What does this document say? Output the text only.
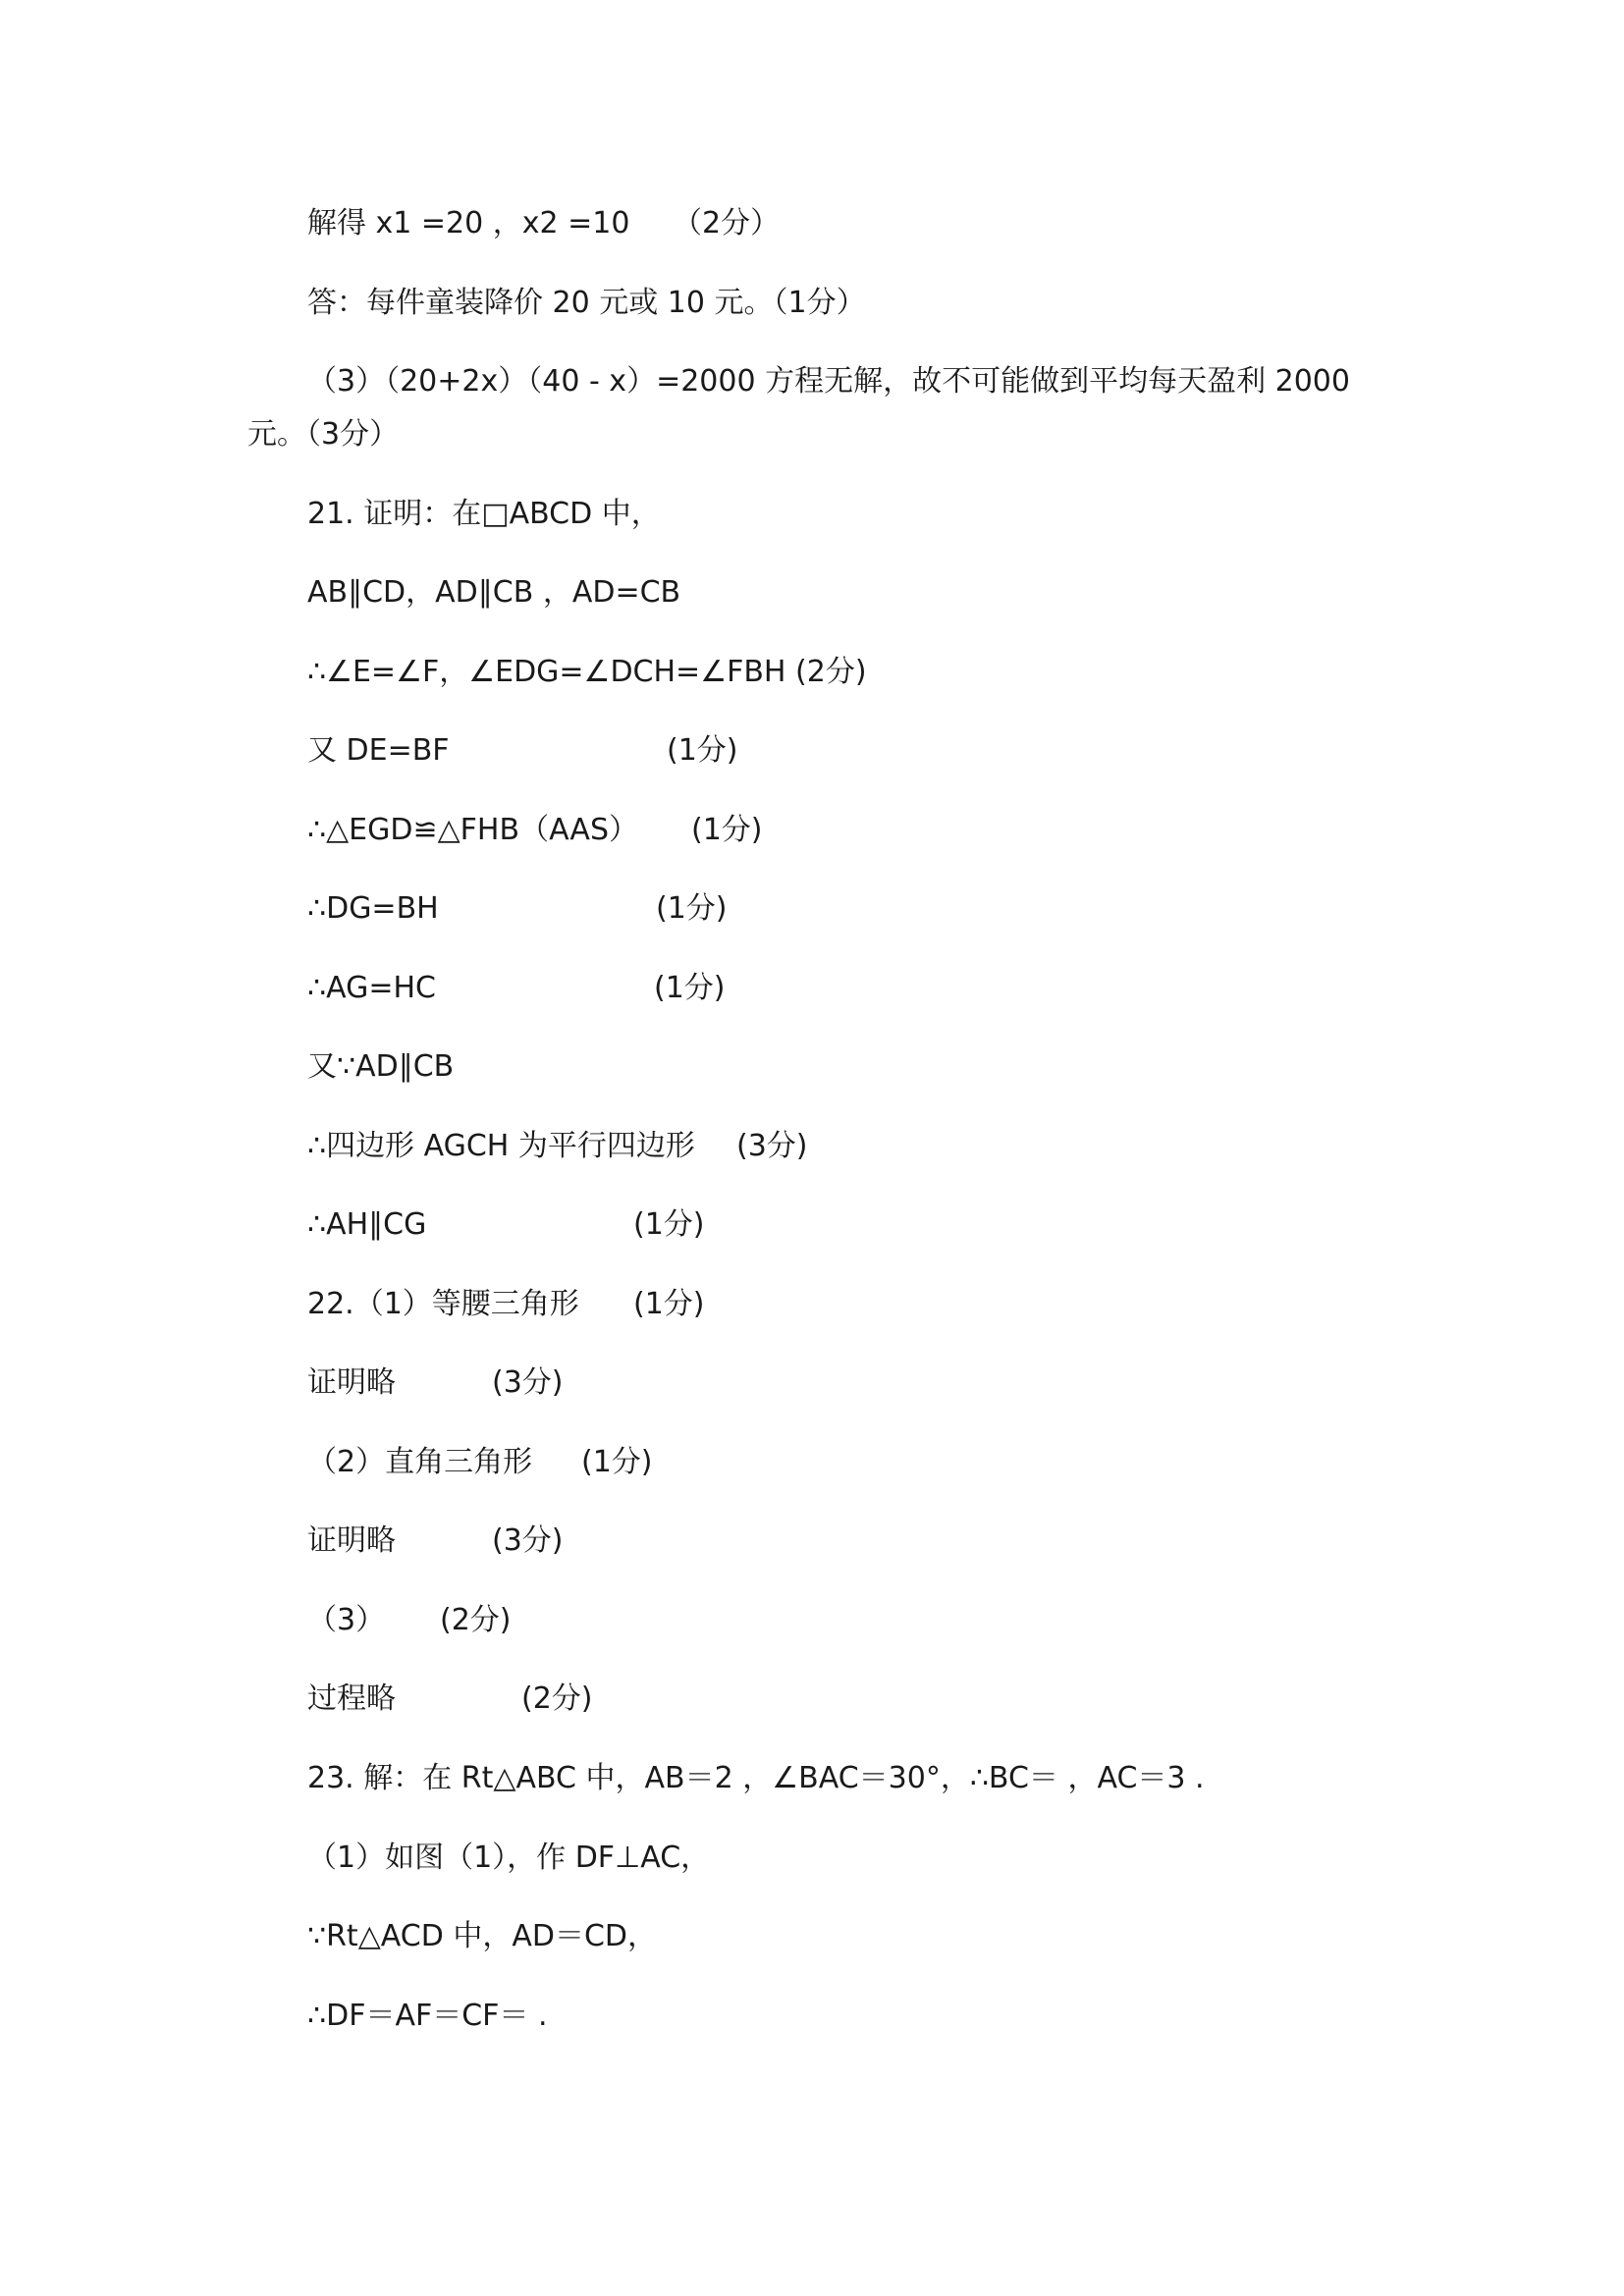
解得 x1 =20 ，x2 =10 （2分）
答：每件童装降价 20 元或 10 元。（1分）
（3）（20+2x）（40 - x）=2000 方程无解，故不可能做到平均每天盈利 2000
元。（3分）
21. 证明：在□ABCD 中，
AB∥CD，AD∥CB ，AD=CB
∴∠E=∠F，∠EDG=∠DCH=∠FBH (2分)
又 DE=BF	(1分)
∴△EGD≌△FHB（AAS） (1分)
∴DG=BH	(1分)
∴AG=HC	(1分)
又∵AD∥CB
∴四边形 AGCH 为平行四边形 (3分)
∴AH∥CG	(1分)
22.（1）等腰三角形 (1分)
证明略	(3分)
（2）直角三角形 (1分)
证明略	(3分)
（3） (2分)
过程略	(2分)
23. 解：在 Rt△ABC 中，AB＝2 ，∠BAC＝30°，∴BC＝ ，AC＝3 .
（1）如图（1），作 DF⊥AC，
∵Rt△ACD 中，AD＝CD，
∴DF＝AF＝CF＝ .
